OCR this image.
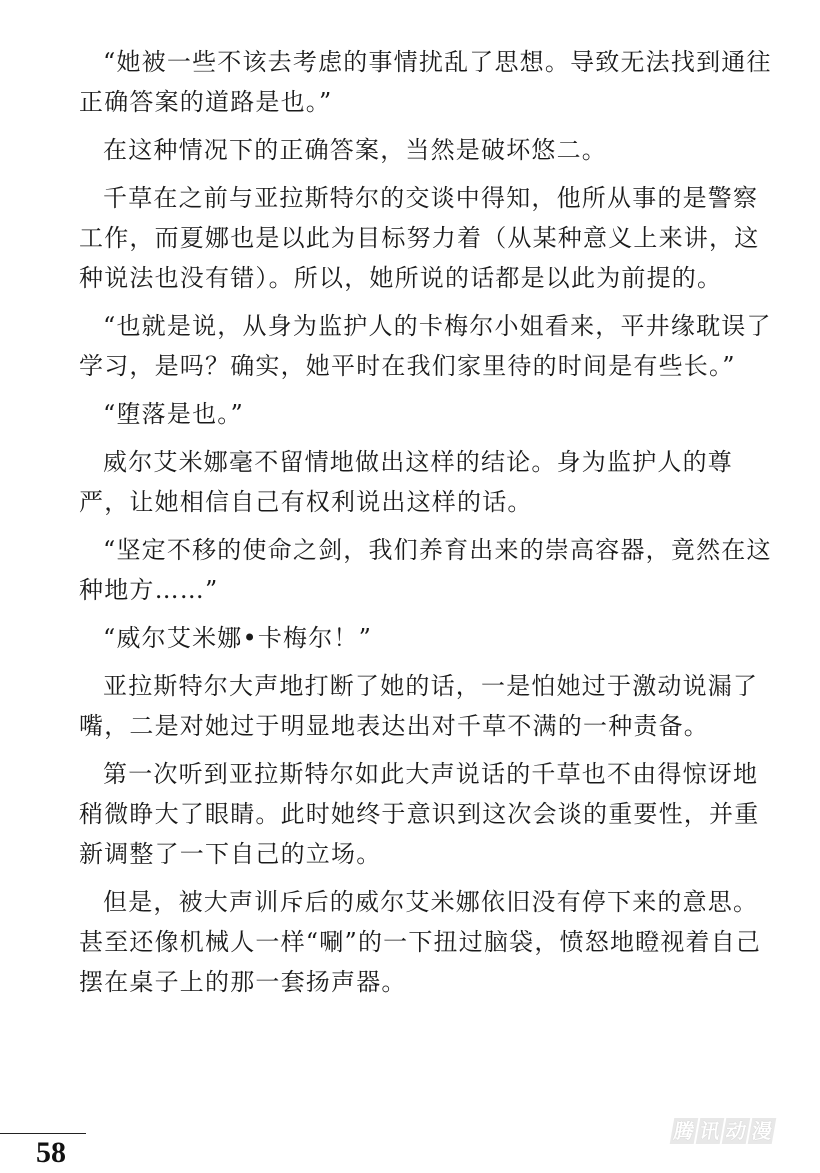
“她被一些不该去考虑的事情扰乱了思想。导致无法找到通往正确答案的道路是也。”

在这种情况下的正确答案，当然是破坏悠二。

千草在之前与亚拉斯特尔的交谈中得知，他所从事的是警察工作，而夏娜也是以此为目标努力着（从某种意义上来讲，这种说法也没有错）。所以，她所说的话都是以此为前提的。

“也就是说，从身为监护人的卡梅尔小姐看来，平井缘耽误了学习，是吗？确实，她平时在我们家里待的时间是有些长。”

“堕落是也。”

威尔艾米娜毫不留情地做出这样的结论。身为监护人的尊严，让她相信自己有权利说出这样的话。

“坚定不移的使命之剑，我们养育出来的崇高容器，竟然在这种地方……”

“威尔艾米娜•卡梅尔！”

亚拉斯特尔大声地打断了她的话，一是怕她过于激动说漏了嘴，二是对她过于明显地表达出对千草不满的一种责备。

第一次听到亚拉斯特尔如此大声说话的千草也不由得惊讶地稍微睁大了眼睛。此时她终于意识到这次会谈的重要性，并重新调整了一下自己的立场。

但是，被大声训斥后的威尔艾米娜依旧没有停下来的意思。甚至还像机械人一样“唰”的一下扭过脑袋，愤怒地瞪视着自己摆在桌子上的那一套扬声器。

58
腾 讯 动 漫
